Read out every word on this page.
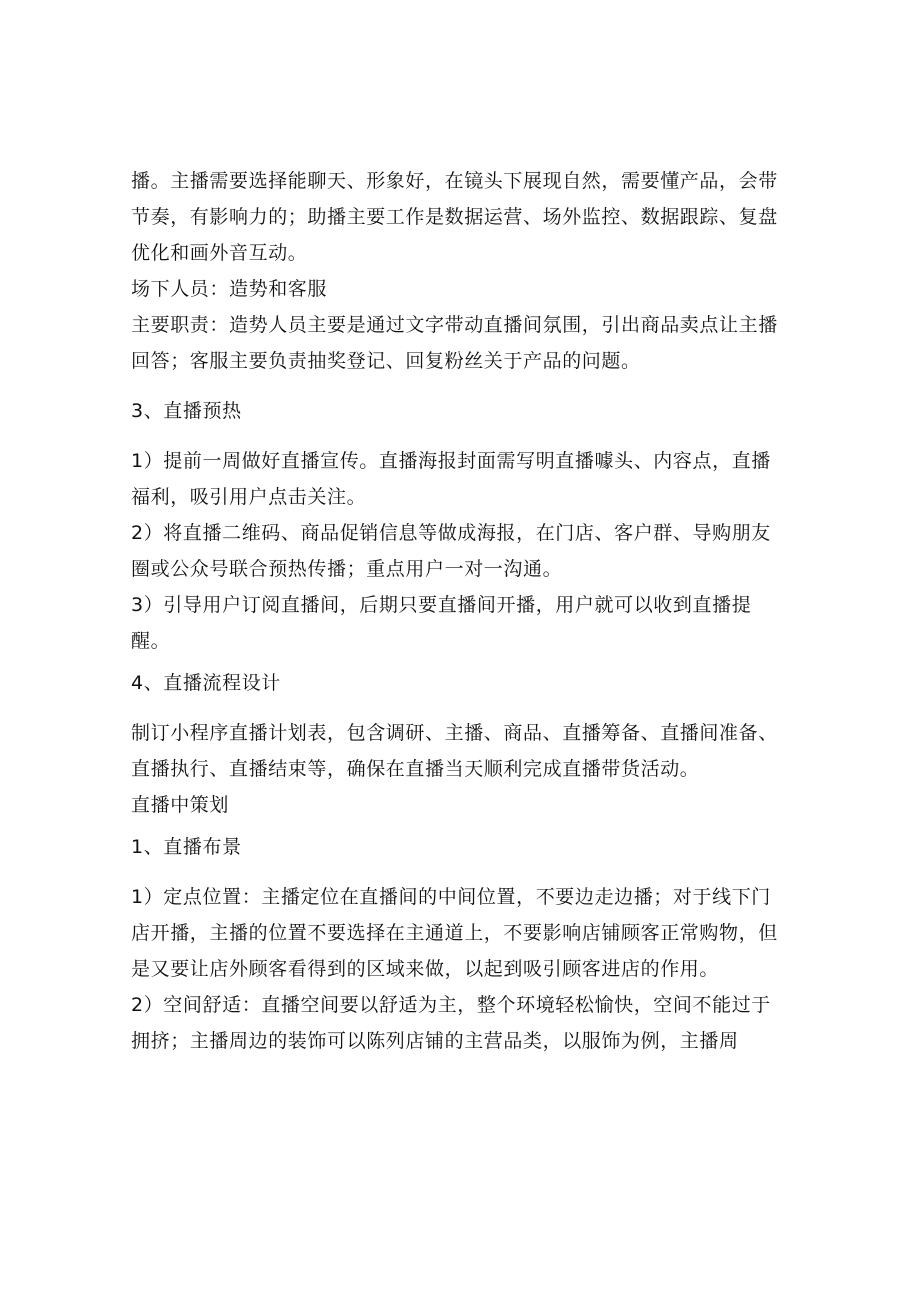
播。主播需要选择能聊天、形象好，在镜头下展现自然，需要懂产品，会带节奏，有影响力的；助播主要工作是数据运营、场外监控、数据跟踪、复盘优化和画外音互动。

场下人员：造势和客服

主要职责：造势人员主要是通过文字带动直播间氛围，引出商品卖点让主播回答；客服主要负责抽奖登记、回复粉丝关于产品的问题。

3、直播预热

1）提前一周做好直播宣传。直播海报封面需写明直播噱头、内容点，直播福利，吸引用户点击关注。

2）将直播二维码、商品促销信息等做成海报，在门店、客户群、导购朋友圈或公众号联合预热传播；重点用户一对一沟通。

3）引导用户订阅直播间，后期只要直播间开播，用户就可以收到直播提醒。

4、直播流程设计

制订小程序直播计划表，包含调研、主播、商品、直播筹备、直播间准备、直播执行、直播结束等，确保在直播当天顺利完成直播带货活动。

直播中策划

1、直播布景

1）定点位置：主播定位在直播间的中间位置，不要边走边播；对于线下门店开播，主播的位置不要选择在主通道上，不要影响店铺顾客正常购物，但是又要让店外顾客看得到的区域来做，以起到吸引顾客进店的作用。

2）空间舒适：直播空间要以舒适为主，整个环境轻松愉快，空间不能过于拥挤；主播周边的装饰可以陈列店铺的主营品类，以服饰为例，主播周
